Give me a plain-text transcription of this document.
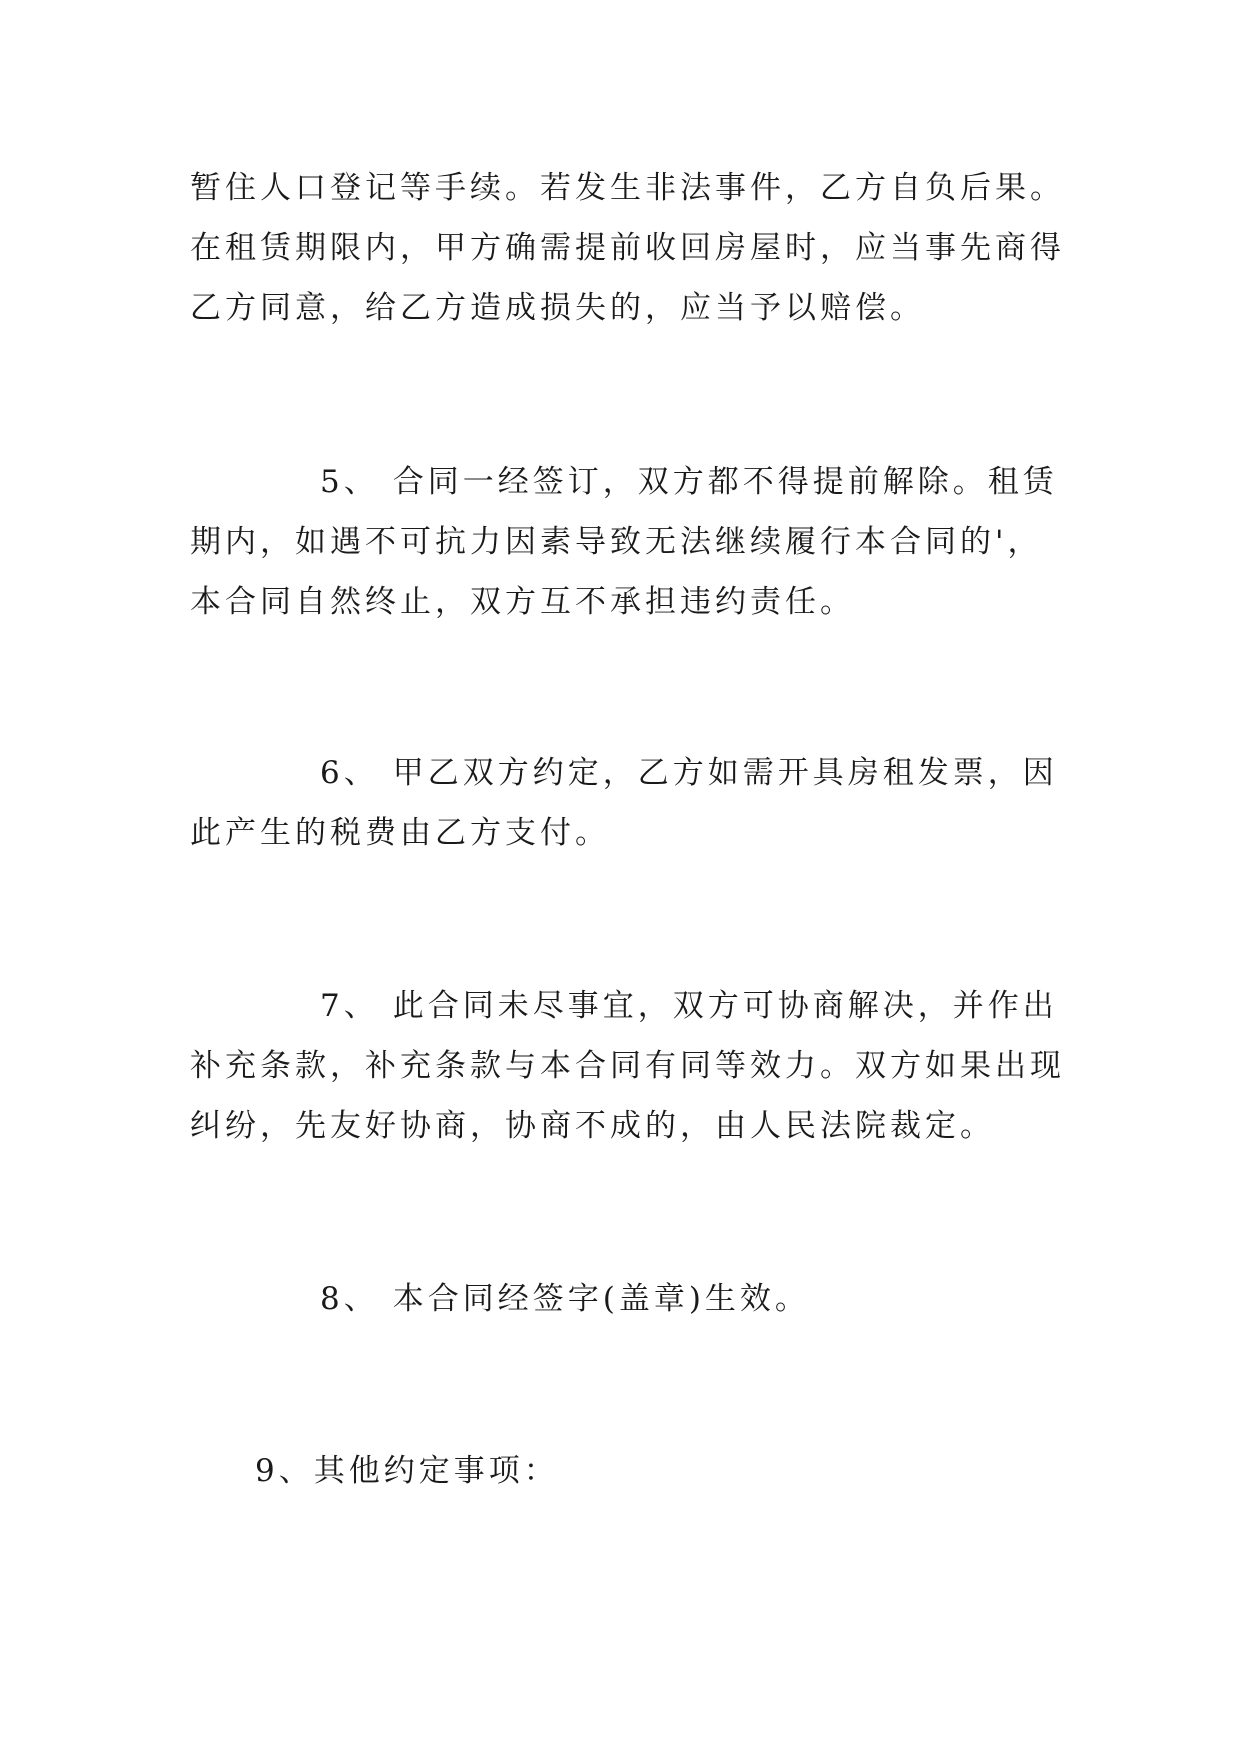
暂住人口登记等手续。若发生非法事件，乙方自负后果。在租赁期限内，甲方确需提前收回房屋时，应当事先商得乙方同意，给乙方造成损失的，应当予以赔偿。

5、 合同一经签订，双方都不得提前解除。租赁期内，如遇不可抗力因素导致无法继续履行本合同的'，本合同自然终止，双方互不承担违约责任。

6、 甲乙双方约定，乙方如需开具房租发票，因此产生的税费由乙方支付。

7、 此合同未尽事宜，双方可协商解决，并作出补充条款，补充条款与本合同有同等效力。双方如果出现纠纷，先友好协商，协商不成的，由人民法院裁定。

8、 本合同经签字(盖章)生效。

9、其他约定事项：
